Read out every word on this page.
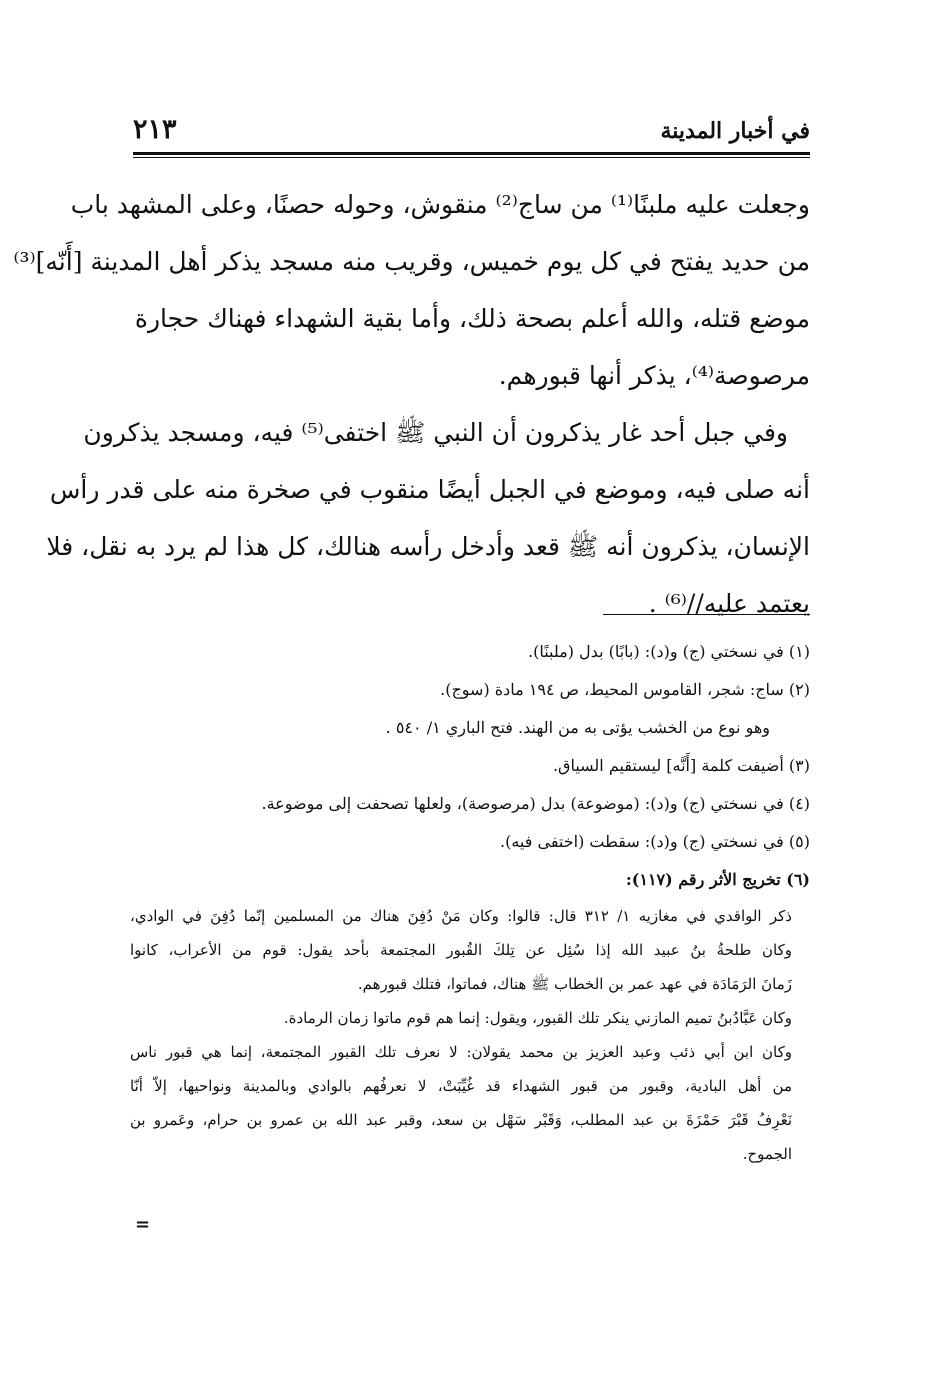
٢١٣	في أخبار المدينة
وجعلت عليه ملبنًا⁽¹⁾ من ساج⁽²⁾ منقوش، وحوله حصنًا، وعلى المشهد باب
من حديد يفتح في كل يوم خميس، وقريب منه مسجد يذكر أهل المدينة [أَنّه]⁽³⁾
موضع قتله، والله أعلم بصحة ذلك، وأما بقية الشهداء فهناك حجارة
مرصوصة⁽⁴⁾، يذكر أنها قبورهم.
وفي جبل أحد غار يذكرون أن النبي ﷺ اختفى⁽⁵⁾ فيه، ومسجد يذكرون
أنه صلى فيه، وموضع في الجبل أيضًا منقوب في صخرة منه على قدر رأس
الإنسان، يذكرون أنه ﷺ قعد وأدخل رأسه هنالك، كل هذا لم يرد به نقل، فلا
يعتمد عليه//⁽⁶⁾ .
(١) في نسختي (ج) و(د): (بابًا) بدل (ملبنًا).
(٢) ساج: شجر، القاموس المحيط، ص ١٩٤ مادة (سوج).
وهو نوع من الخشب يؤتى به من الهند. فتح الباري ١/ ٥٤٠ .
(٣) أضيفت كلمة [أَنَّه] ليستقيم السياق.
(٤) في نسختي (ج) و(د): (موضوعة) بدل (مرصوصة)، ولعلها تصحفت إلى موضوعة.
(٥) في نسختي (ج) و(د): سقطت (اختفى فيه).
(٦) تخريج الأثر رقم (١١٧):
ذكر الواقدي في مغازيه ١/ ٣١٢ قال: قالوا: وكان مَنْ دُفِنَ هناك من المسلمين إنّما دُفِنَ في الوادي،
وكان طلحةُ بنُ عبيد الله إذا سُئِل عن تِلكَ القُبور المجتمعة بأحد يقول: قوم من الأعراب، كانوا
زَمانَ الرَمَادَة في عهد عمر بن الخطاب ﷺ هناك، فماتوا، فتلك قبورهم.
وكان عَبَّادُبنُ تميم المازني ينكر تلك القبور، ويقول: إنما هم قوم ماتوا زمان الرمادة.
وكان ابن أبي ذئب وعبد العزيز بن محمد يقولان: لا نعرف تلك القبور المجتمعة، إنما هي قبور ناس
من أهل البادية، وقبور من قبور الشهداء قد غُيِّبَتْ، لا نعرفُهم بالوادي وبالمدينة ونواحيها، إلاّ أنّا
نَعْرِفُ قَبْرَ حَمْزَةَ بن عبد المطلب، وَقَبْر سَهْل بن سعد، وقبر عبد الله بن عمرو بن حرام، وعَمرو بن
الجموح.
=
